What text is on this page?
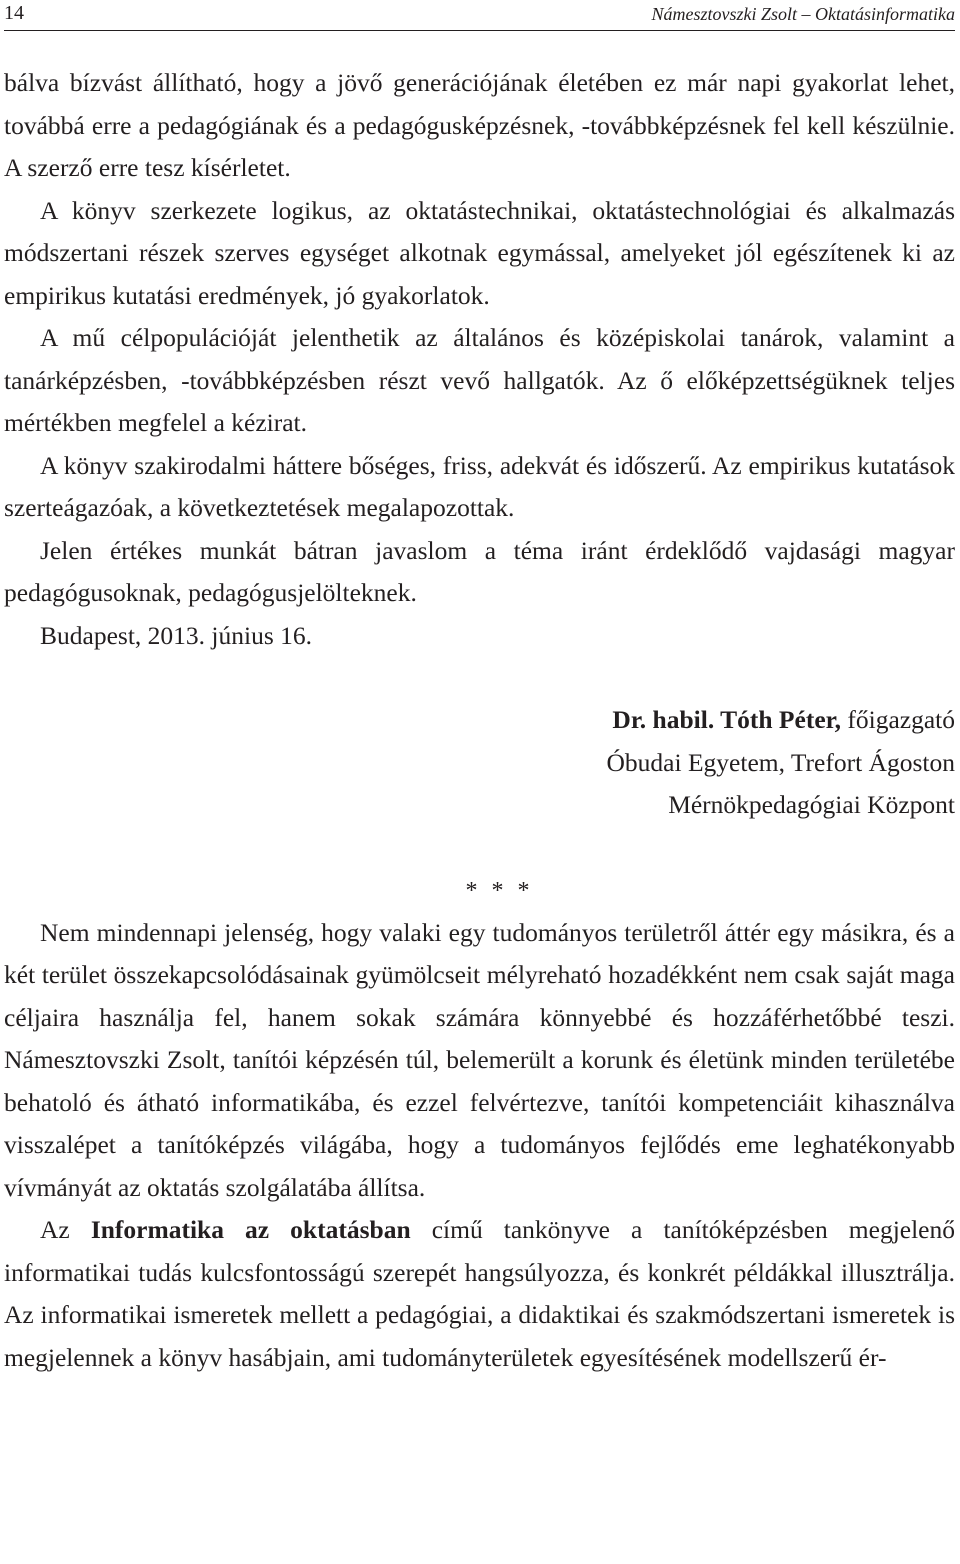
14	Námesztovszki Zsolt – Oktatásinformatika

bálva bízvást állítható, hogy a jövő generációjának életében ez már napi gyakorlat lehet, továbbá erre a pedagógiának és a pedagógusképzésnek, -továbbképzésnek fel kell készülnie. A szerző erre tesz kísérletet.

A könyv szerkezete logikus, az oktatástechnikai, oktatástechnológiai és alkalmazás módszertani részek szerves egységet alkotnak egymással, amelyeket jól egészítenek ki az empirikus kutatási eredmények, jó gyakorlatok.

A mű célpopulációját jelenthetik az általános és középiskolai tanárok, valamint a tanárképzésben, -továbbképzésben részt vevő hallgatók. Az ő előképzettségüknek teljes mértékben megfelel a kézirat.

A könyv szakirodalmi háttere bőséges, friss, adekvát és időszerű. Az empirikus kutatások szerteágazóak, a következtetések megalapozottak.

Jelen értékes munkát bátran javaslom a téma iránt érdeklődő vajdasági magyar pedagógusoknak, pedagógusjelölteknek.

Budapest, 2013. június 16.

Dr. habil. Tóth Péter, főigazgató
Óbudai Egyetem, Trefort Ágoston
Mérnökpedagógiai Központ
* * *

Nem mindennapi jelenség, hogy valaki egy tudományos területről áttér egy másikra, és a két terület összekapcsolódásainak gyümölcseit mélyreható hozadékként nem csak saját maga céljaira használja fel, hanem sokak számára könnyebbé és hozzáférhetőbbé teszi. Námesztovszki Zsolt, tanítói képzésén túl, belemerült a korunk és életünk minden területébe behatoló és átható informatikába, és ezzel felvértezve, tanítói kompetenciáit kihasználva visszalépet a tanítóképzés világába, hogy a tudományos fejlődés eme leghatékonyabb vívmányát az oktatás szolgálatába állítsa.

Az Informatika az oktatásban című tankönyve a tanítóképzésben megjelenő informatikai tudás kulcsfontosságú szerepét hangsúlyozza, és konkrét példákkal illusztrálja. Az informatikai ismeretek mellett a pedagógiai, a didaktikai és szakmódszertani ismeretek is megjelennek a könyv hasábjain, ami tudományterületek egyesítésének modellszerű ér-
